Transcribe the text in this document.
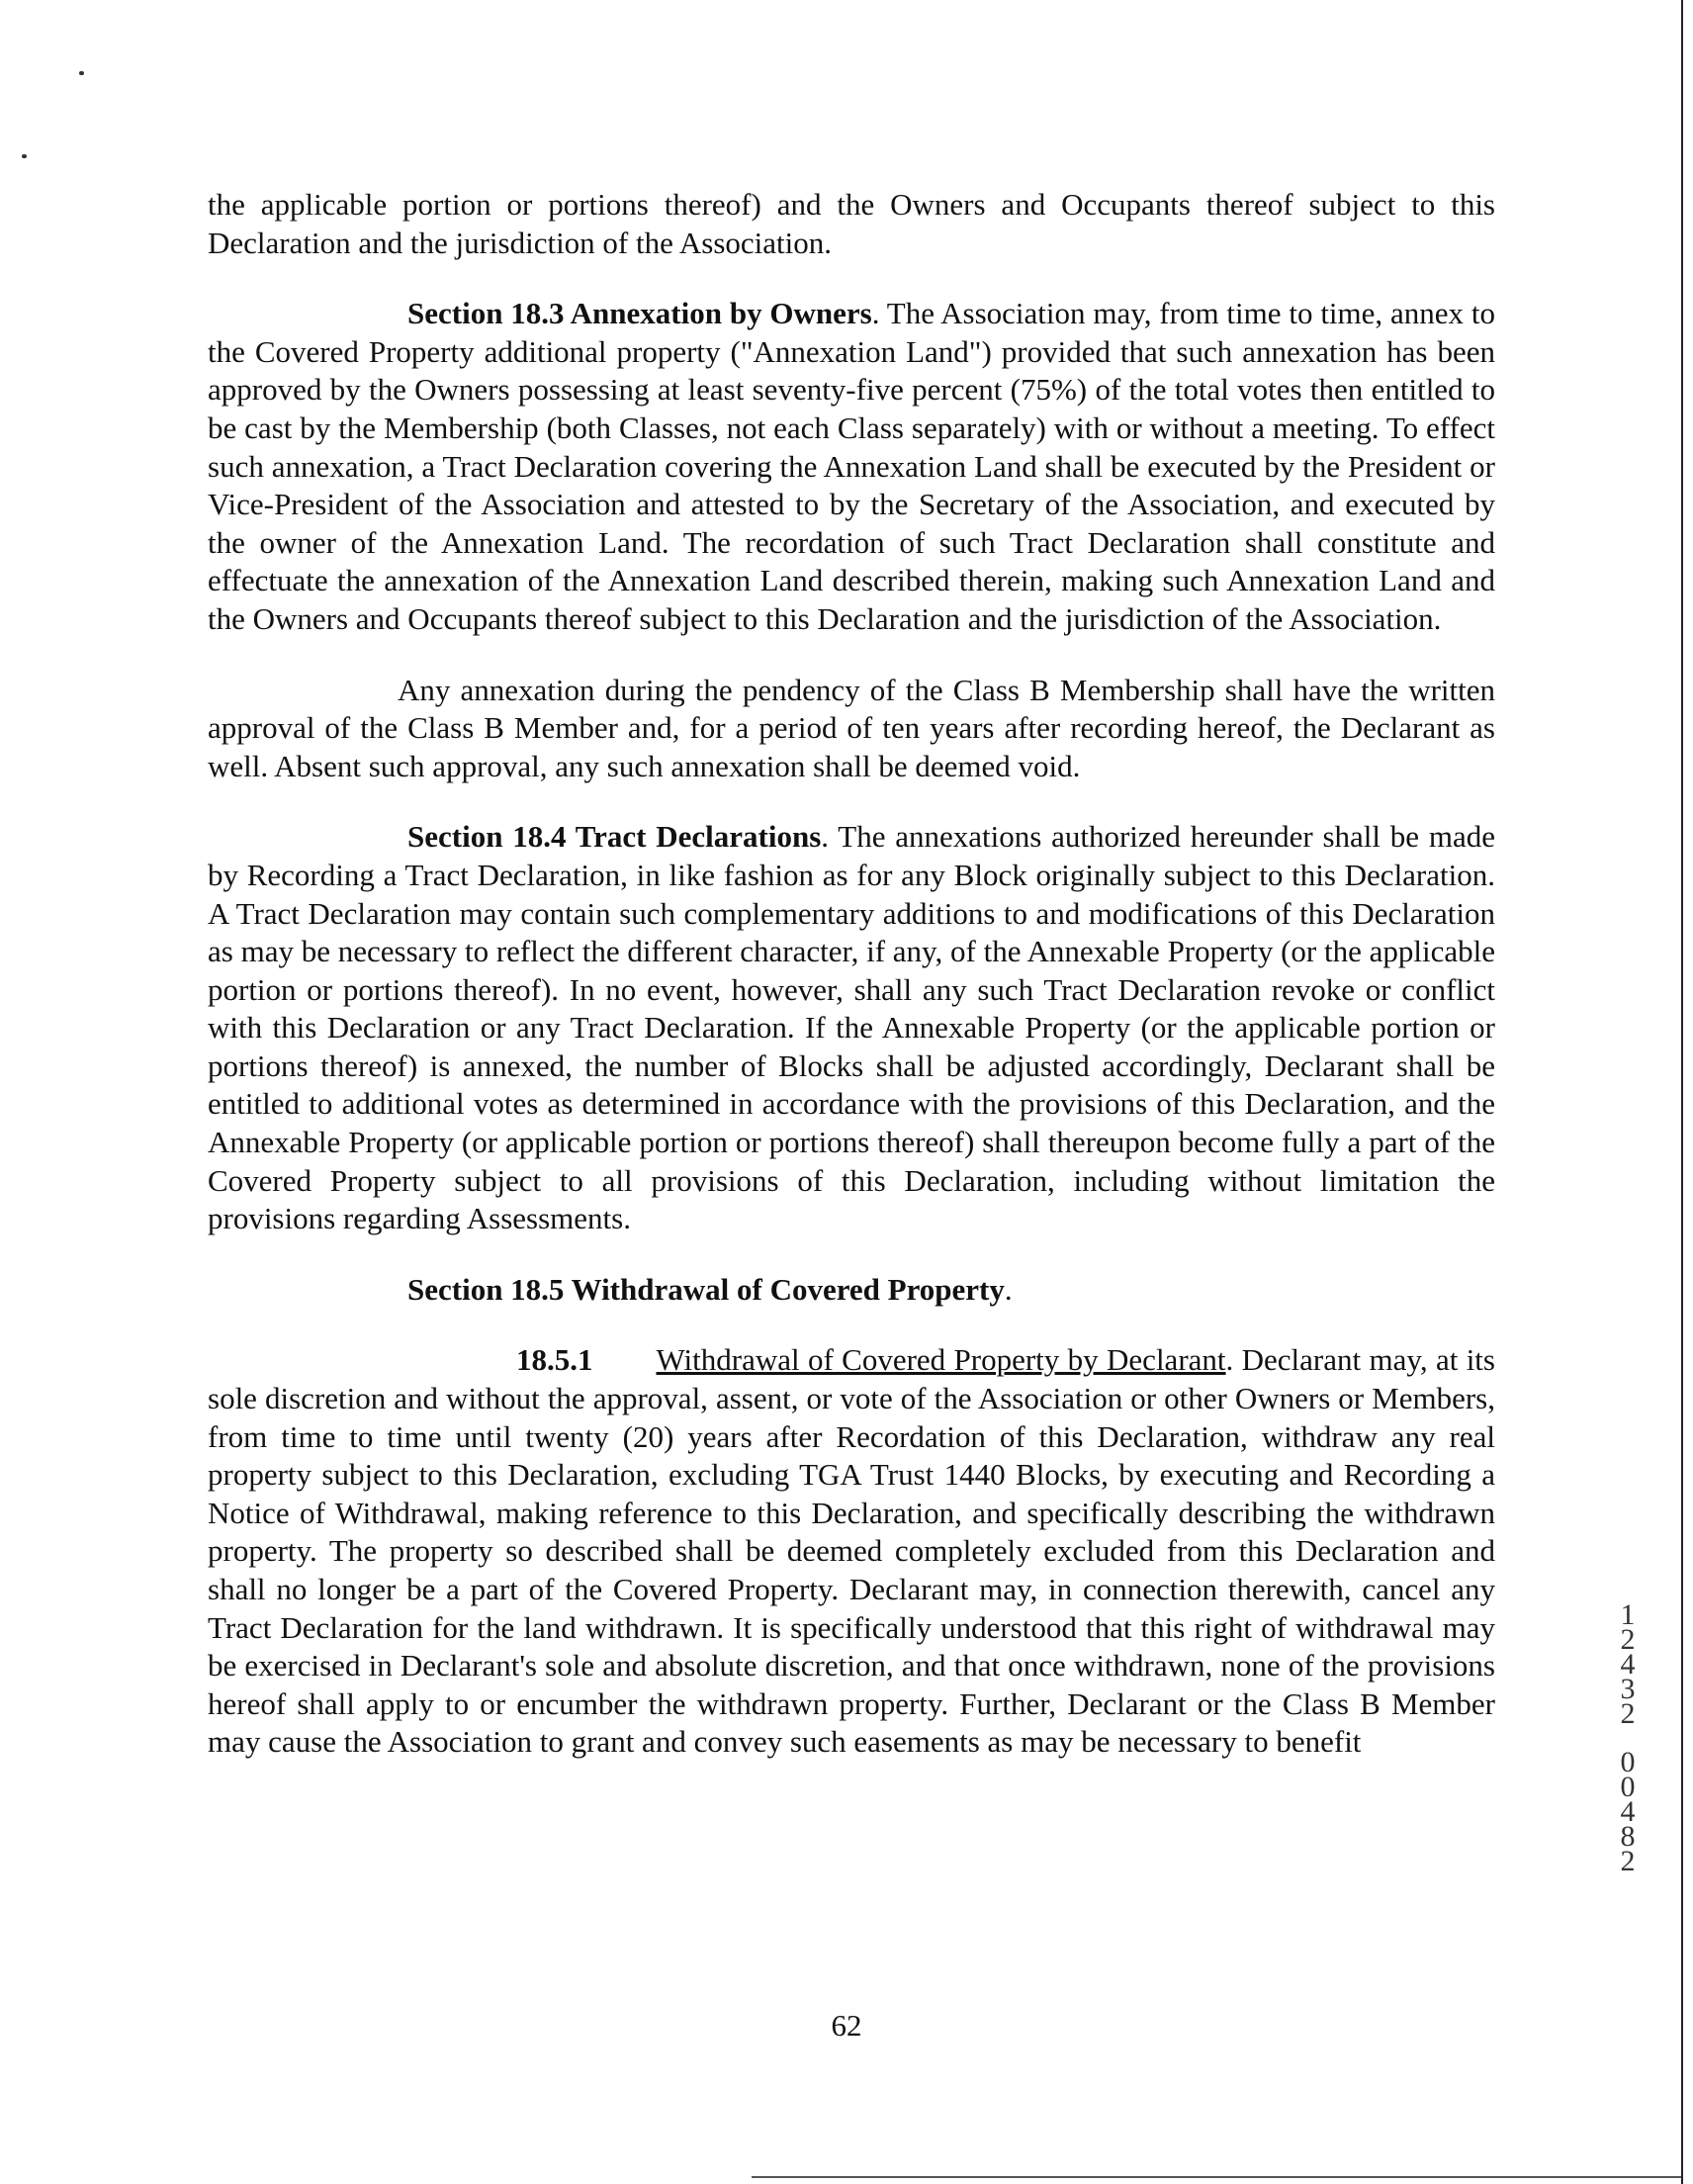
the applicable portion or portions thereof) and the Owners and Occupants thereof subject to this Declaration and the jurisdiction of the Association.

Section 18.3 Annexation by Owners. The Association may, from time to time, annex to the Covered Property additional property ("Annexation Land") provided that such annexation has been approved by the Owners possessing at least seventy-five percent (75%) of the total votes then entitled to be cast by the Membership (both Classes, not each Class separately) with or without a meeting. To effect such annexation, a Tract Declaration covering the Annexation Land shall be executed by the President or Vice-President of the Association and attested to by the Secretary of the Association, and executed by the owner of the Annexation Land. The recordation of such Tract Declaration shall constitute and effectuate the annexation of the Annexation Land described therein, making such Annexation Land and the Owners and Occupants thereof subject to this Declaration and the jurisdiction of the Association.

Any annexation during the pendency of the Class B Membership shall have the written approval of the Class B Member and, for a period of ten years after recording hereof, the Declarant as well. Absent such approval, any such annexation shall be deemed void.

Section 18.4 Tract Declarations. The annexations authorized hereunder shall be made by Recording a Tract Declaration, in like fashion as for any Block originally subject to this Declaration. A Tract Declaration may contain such complementary additions to and modifications of this Declaration as may be necessary to reflect the different character, if any, of the Annexable Property (or the applicable portion or portions thereof). In no event, however, shall any such Tract Declaration revoke or conflict with this Declaration or any Tract Declaration. If the Annexable Property (or the applicable portion or portions thereof) is annexed, the number of Blocks shall be adjusted accordingly, Declarant shall be entitled to additional votes as determined in accordance with the provisions of this Declaration, and the Annexable Property (or applicable portion or portions thereof) shall thereupon become fully a part of the Covered Property subject to all provisions of this Declaration, including without limitation the provisions regarding Assessments.

Section 18.5 Withdrawal of Covered Property.

18.5.1 Withdrawal of Covered Property by Declarant. Declarant may, at its sole discretion and without the approval, assent, or vote of the Association or other Owners or Members, from time to time until twenty (20) years after Recordation of this Declaration, withdraw any real property subject to this Declaration, excluding TGA Trust 1440 Blocks, by executing and Recording a Notice of Withdrawal, making reference to this Declaration, and specifically describing the withdrawn property. The property so described shall be deemed completely excluded from this Declaration and shall no longer be a part of the Covered Property. Declarant may, in connection therewith, cancel any Tract Declaration for the land withdrawn. It is specifically understood that this right of withdrawal may be exercised in Declarant's sole and absolute discretion, and that once withdrawn, none of the provisions hereof shall apply to or encumber the withdrawn property. Further, Declarant or the Class B Member may cause the Association to grant and convey such easements as may be necessary to benefit

62
1
2
4
3
2
0
0
4
8
2
